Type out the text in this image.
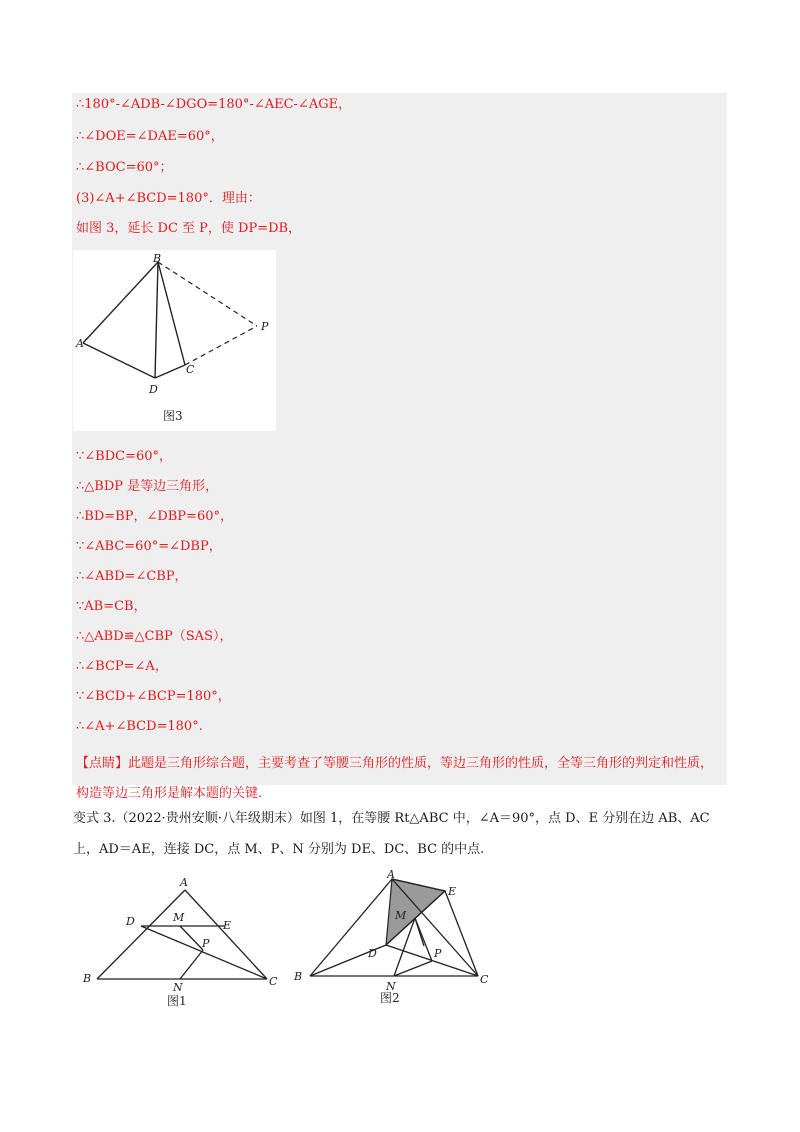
∴180°-∠ADB-∠DGO=180°-∠AEC-∠AGE，
∴∠DOE=∠DAE=60°，
∴∠BOC=60°；
(3)∠A+∠BCD=180°．理由：
如图 3，延长 DC 至 P，使 DP=DB，
B
A
P
D
C
图3
∵∠BDC=60°，
∴△BDP 是等边三角形，
∴BD=BP，∠DBP=60°，
∵∠ABC=60°=∠DBP，
∴∠ABD=∠CBP，
∵AB=CB，
∴△ABD≌△CBP（SAS），
∴∠BCP=∠A，
∵∠BCD+∠BCP=180°，
∴∠A+∠BCD=180°.
【点睛】此题是三角形综合题，主要考查了等腰三角形的性质，等边三角形的性质，全等三角形的判定和性质，构造等边三角形是解本题的关键.
变式 3.（2022·贵州安顺·八年级期末）如图 1，在等腰 Rt△ABC 中，∠A＝90°，点 D、E 分别在边 AB、AC
上，AD＝AE，连接 DC，点 M、P、N 分别为 DE、DC、BC 的中点.
A
D	M
E
P
B
N	C
图1
A
E
M
D	P
B
N
C
图2
